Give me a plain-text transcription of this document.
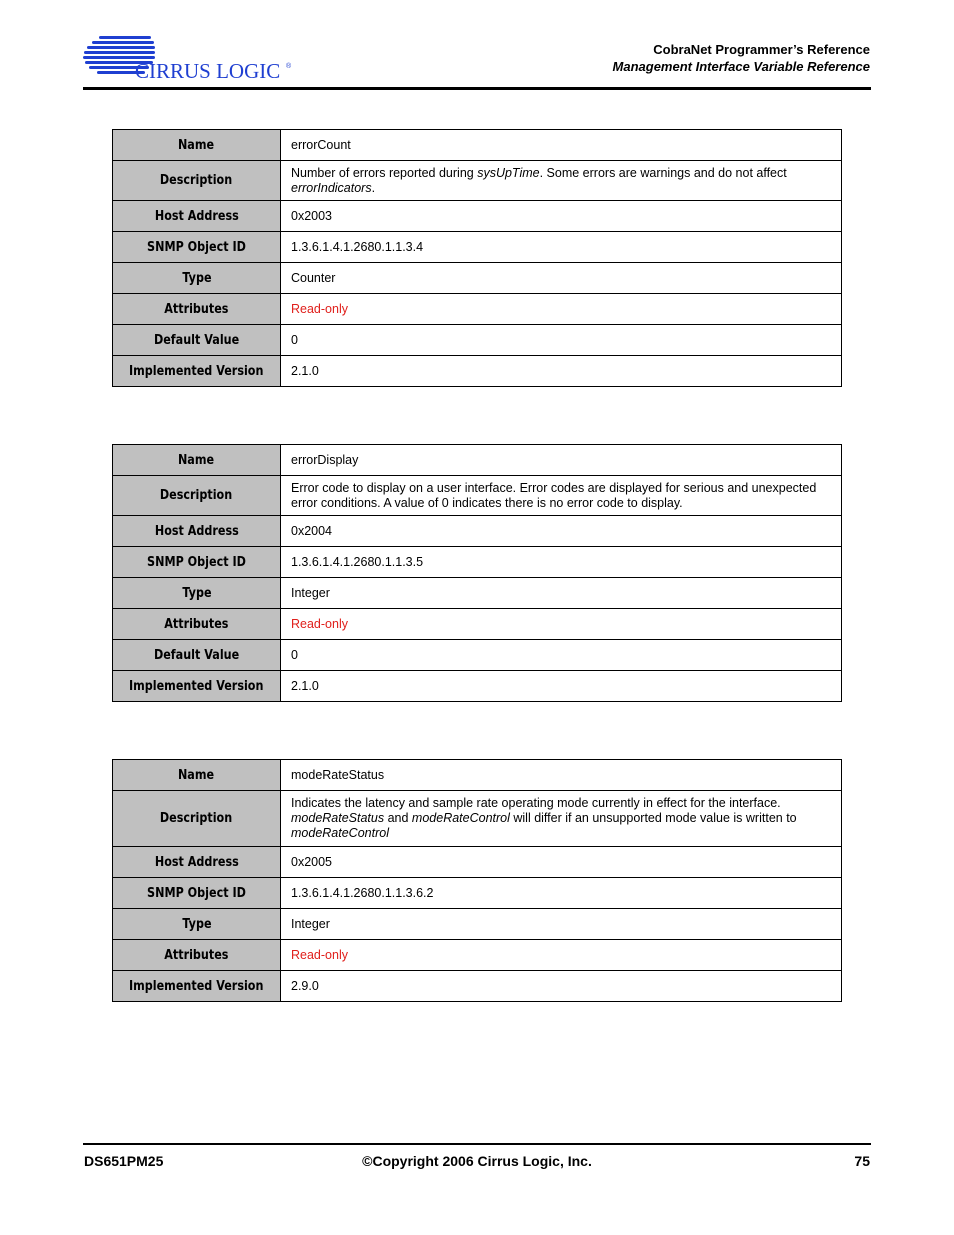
CIRRUS LOGIC ®
CobraNet Programmer’s Reference
Management Interface Variable Reference
Name	errorCount
Description	Number of errors reported during sysUpTime. Some errors are warnings and do not affect errorIndicators.
Host Address	0x2003
SNMP Object ID	1.3.6.1.4.1.2680.1.1.3.4
Type	Counter
Attributes	Read-only
Default Value	0
Implemented Version	2.1.0
Name	errorDisplay
Description	Error code to display on a user interface. Error codes are displayed for serious and unexpected error conditions. A value of 0 indicates there is no error code to display.
Host Address	0x2004
SNMP Object ID	1.3.6.1.4.1.2680.1.1.3.5
Type	Integer
Attributes	Read-only
Default Value	0
Implemented Version	2.1.0
Name	modeRateStatus
Description	Indicates the latency and sample rate operating mode currently in effect for the interface. modeRateStatus and modeRateControl will differ if an unsupported mode value is written to modeRateControl
Host Address	0x2005
SNMP Object ID	1.3.6.1.4.1.2680.1.1.3.6.2
Type	Integer
Attributes	Read-only
Implemented Version	2.9.0
DS651PM25	©Copyright 2006 Cirrus Logic, Inc.	75
